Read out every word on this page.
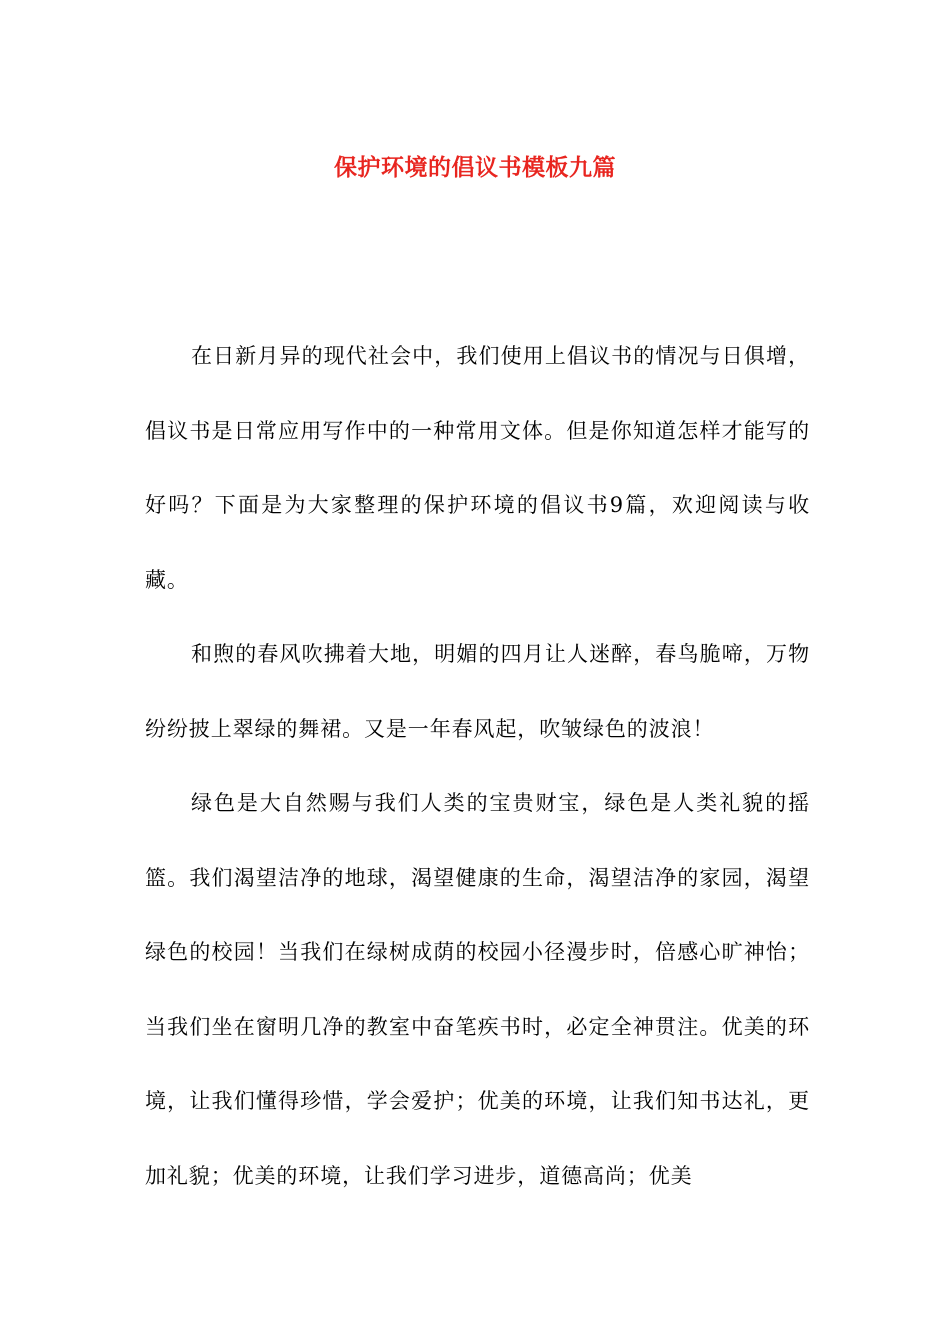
保护环境的倡议书模板九篇

在日新月异的现代社会中，我们使用上倡议书的情况与日俱增，倡议书是日常应用写作中的一种常用文体。但是你知道怎样才能写的好吗？下面是为大家整理的保护环境的倡议书9篇，欢迎阅读与收藏。

和煦的春风吹拂着大地，明媚的四月让人迷醉，春鸟脆啼，万物纷纷披上翠绿的舞裙。又是一年春风起，吹皱绿色的波浪！

绿色是大自然赐与我们人类的宝贵财宝，绿色是人类礼貌的摇篮。我们渴望洁净的地球，渴望健康的生命，渴望洁净的家园，渴望绿色的校园！当我们在绿树成荫的校园小径漫步时，倍感心旷神怡；当我们坐在窗明几净的教室中奋笔疾书时，必定全神贯注。优美的环境，让我们懂得珍惜，学会爱护；优美的环境，让我们知书达礼，更加礼貌；优美的环境，让我们学习进步，道德高尚；优美
